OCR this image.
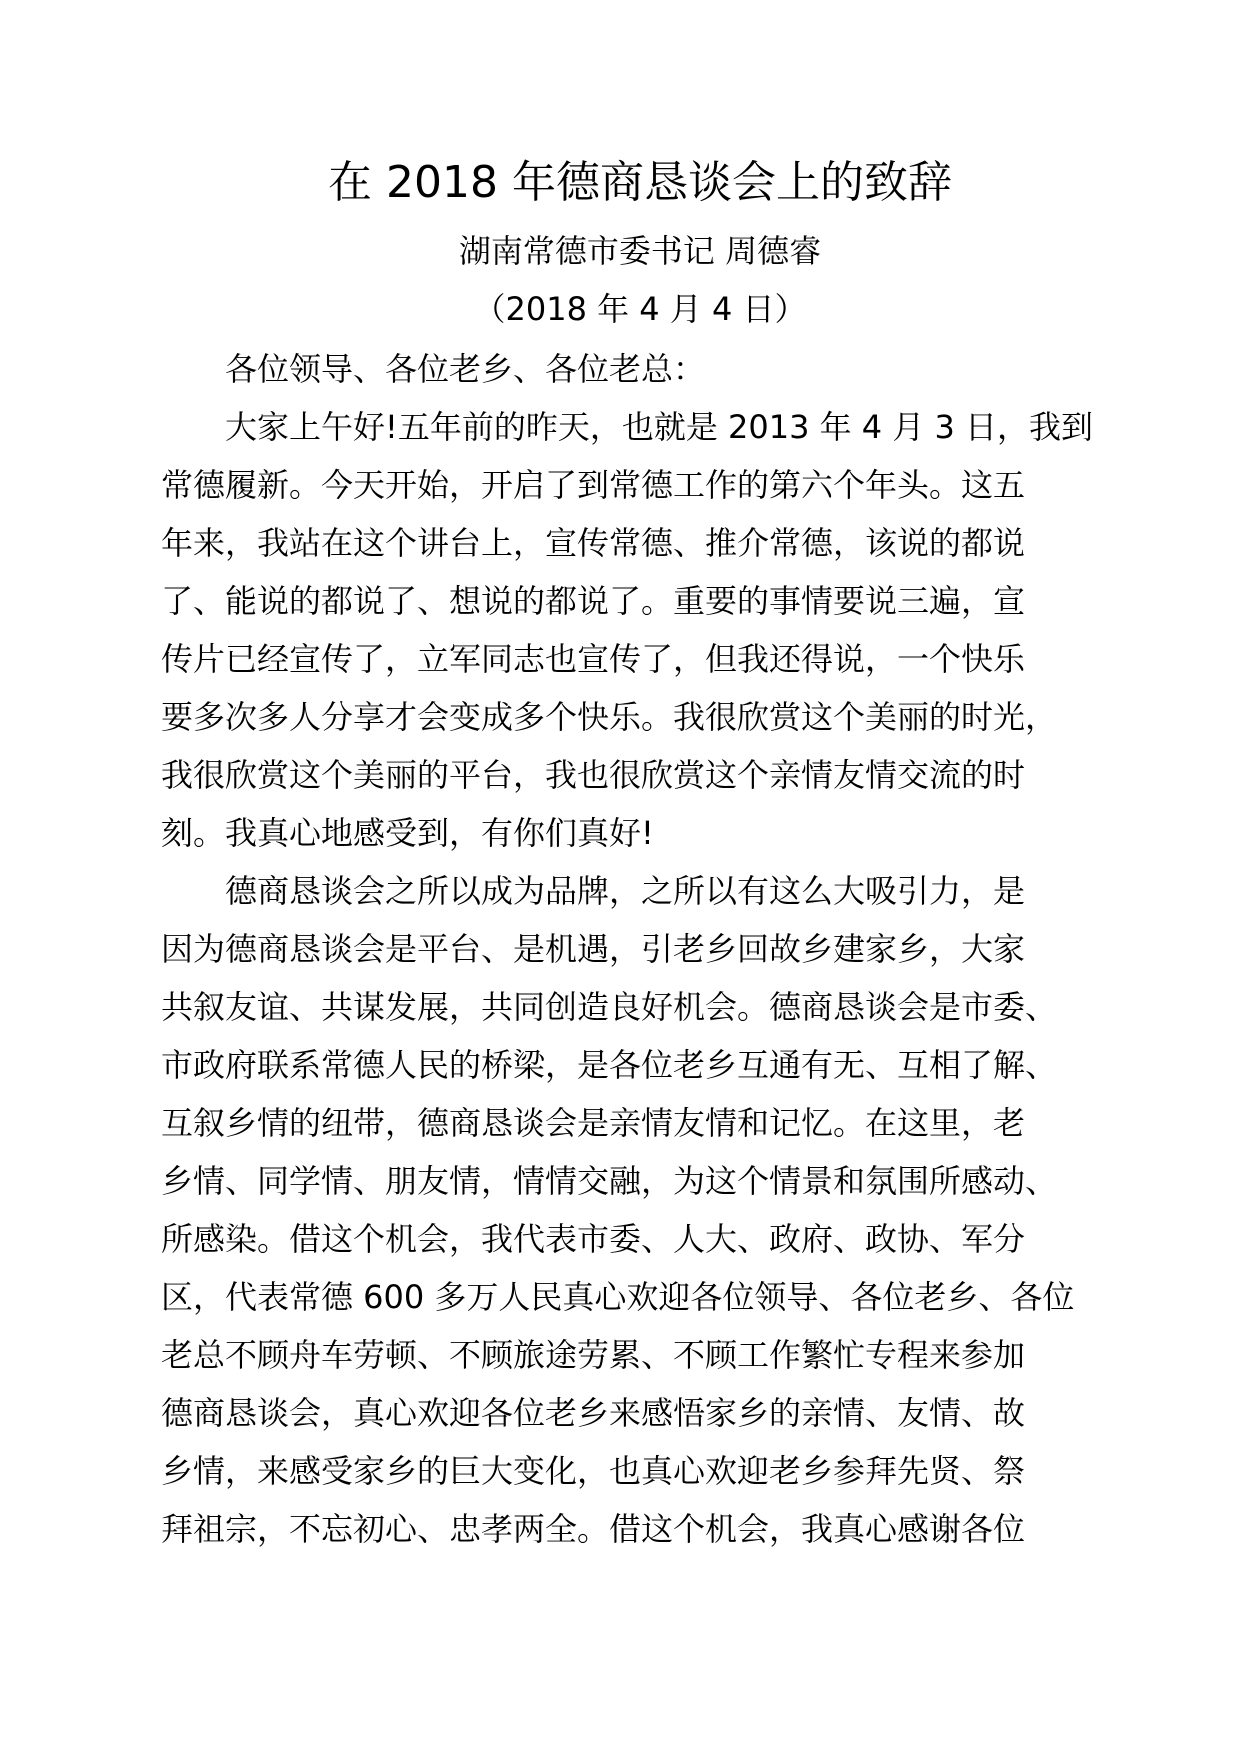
在 2018 年德商恳谈会上的致辞
湖南常德市委书记 周德睿
（2018 年 4 月 4 日）
各位领导、各位老乡、各位老总：
大家上午好!五年前的昨天，也就是 2013 年 4 月 3 日，我到
常德履新。今天开始，开启了到常德工作的第六个年头。这五
年来，我站在这个讲台上，宣传常德、推介常德，该说的都说
了、能说的都说了、想说的都说了。重要的事情要说三遍，宣
传片已经宣传了，立军同志也宣传了，但我还得说，一个快乐
要多次多人分享才会变成多个快乐。我很欣赏这个美丽的时光，
我很欣赏这个美丽的平台，我也很欣赏这个亲情友情交流的时
刻。我真心地感受到，有你们真好!
德商恳谈会之所以成为品牌，之所以有这么大吸引力，是
因为德商恳谈会是平台、是机遇，引老乡回故乡建家乡，大家
共叙友谊、共谋发展，共同创造良好机会。德商恳谈会是市委、
市政府联系常德人民的桥梁，是各位老乡互通有无、互相了解、
互叙乡情的纽带，德商恳谈会是亲情友情和记忆。在这里，老
乡情、同学情、朋友情，情情交融，为这个情景和氛围所感动、
所感染。借这个机会，我代表市委、人大、政府、政协、军分
区，代表常德 600 多万人民真心欢迎各位领导、各位老乡、各位
老总不顾舟车劳顿、不顾旅途劳累、不顾工作繁忙专程来参加
德商恳谈会，真心欢迎各位老乡来感悟家乡的亲情、友情、故
乡情，来感受家乡的巨大变化，也真心欢迎老乡参拜先贤、祭
拜祖宗，不忘初心、忠孝两全。借这个机会，我真心感谢各位
